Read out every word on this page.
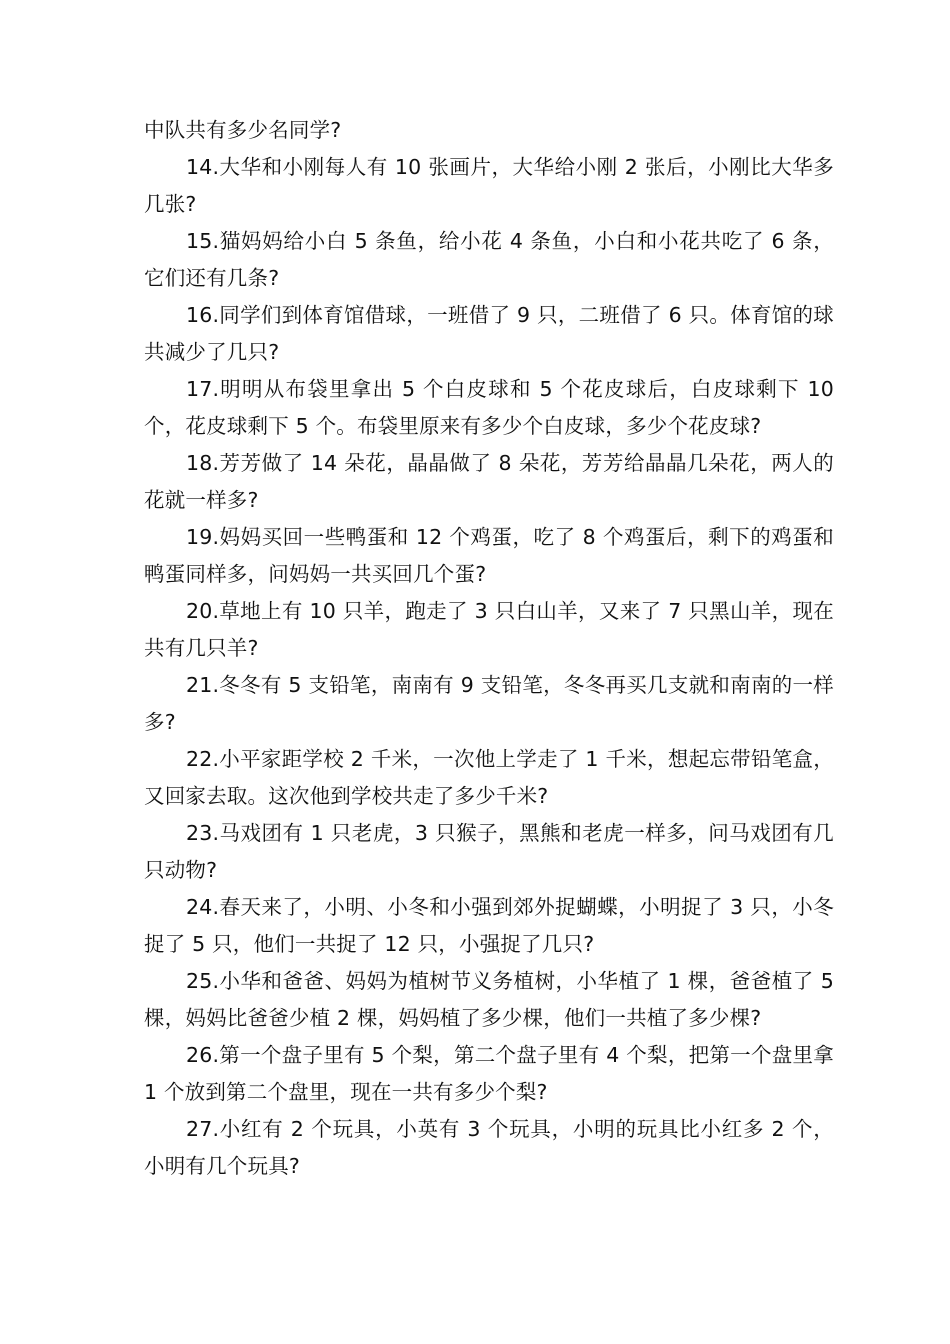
中队共有多少名同学?

14.大华和小刚每人有 10 张画片，大华给小刚 2 张后，小刚比大华多几张?

15.猫妈妈给小白 5 条鱼，给小花 4 条鱼，小白和小花共吃了 6 条，它们还有几条?

16.同学们到体育馆借球，一班借了 9 只，二班借了 6 只。体育馆的球共减少了几只?

17.明明从布袋里拿出 5 个白皮球和 5 个花皮球后，白皮球剩下 10 个，花皮球剩下 5 个。布袋里原来有多少个白皮球，多少个花皮球?

18.芳芳做了 14 朵花，晶晶做了 8 朵花，芳芳给晶晶几朵花，两人的花就一样多?

19.妈妈买回一些鸭蛋和 12 个鸡蛋，吃了 8 个鸡蛋后，剩下的鸡蛋和鸭蛋同样多，问妈妈一共买回几个蛋?

20.草地上有 10 只羊，跑走了 3 只白山羊，又来了 7 只黑山羊，现在共有几只羊?

21.冬冬有 5 支铅笔，南南有 9 支铅笔，冬冬再买几支就和南南的一样多?

22.小平家距学校 2 千米，一次他上学走了 1 千米，想起忘带铅笔盒，又回家去取。这次他到学校共走了多少千米?

23.马戏团有 1 只老虎，3 只猴子，黑熊和老虎一样多，问马戏团有几只动物?

24.春天来了，小明、小冬和小强到郊外捉蝴蝶，小明捉了 3 只，小冬捉了 5 只，他们一共捉了 12 只，小强捉了几只?

25.小华和爸爸、妈妈为植树节义务植树，小华植了 1 棵，爸爸植了 5 棵，妈妈比爸爸少植 2 棵，妈妈植了多少棵，他们一共植了多少棵?

26.第一个盘子里有 5 个梨，第二个盘子里有 4 个梨，把第一个盘里拿 1 个放到第二个盘里，现在一共有多少个梨?

27.小红有 2 个玩具，小英有 3 个玩具，小明的玩具比小红多 2 个，小明有几个玩具?
